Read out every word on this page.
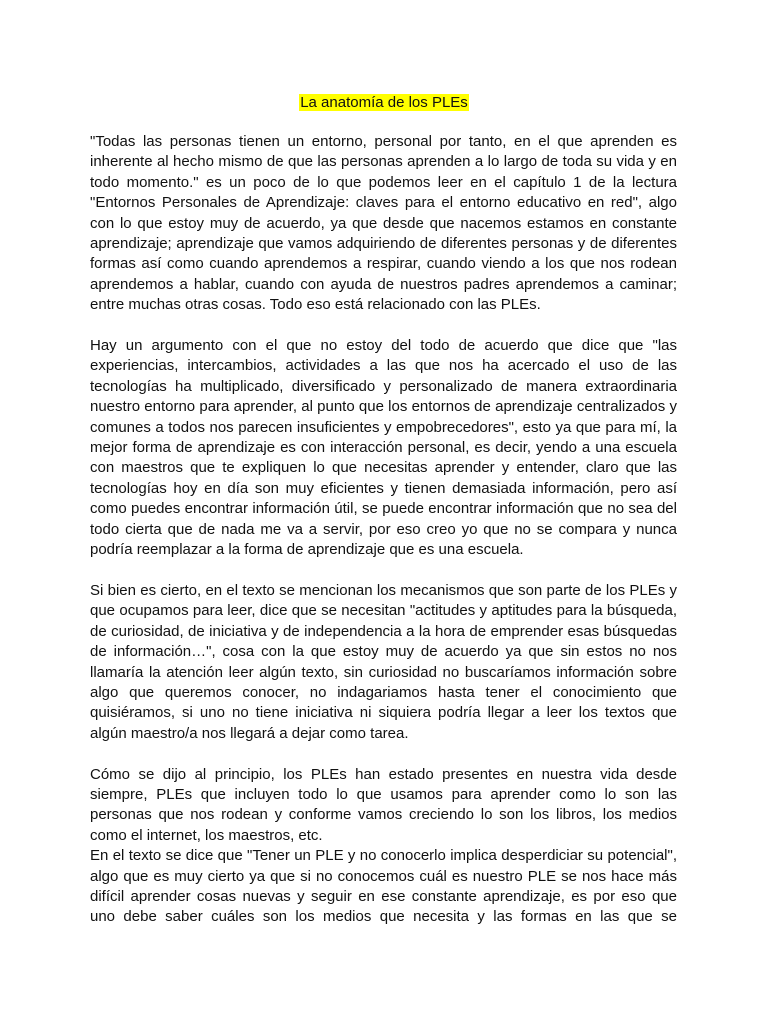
La anatomía de los PLEs

"Todas las personas tienen un entorno, personal por tanto, en el que aprenden es inherente al hecho mismo de que las personas aprenden a lo largo de toda su vida y en todo momento." es un poco de lo que podemos leer en el capítulo 1 de la lectura "Entornos Personales de Aprendizaje: claves para el entorno educativo en red", algo con lo que estoy muy de acuerdo, ya que desde que nacemos estamos en constante aprendizaje; aprendizaje que vamos adquiriendo de diferentes personas y de diferentes formas así como cuando aprendemos a respirar, cuando viendo a los que nos rodean aprendemos a hablar, cuando con ayuda de nuestros padres aprendemos a caminar; entre muchas otras cosas. Todo eso está relacionado con las PLEs.

Hay un argumento con el que no estoy del todo de acuerdo que dice que "las experiencias, intercambios, actividades a las que nos ha acercado el uso de las tecnologías ha multiplicado, diversificado y personalizado de manera extraordinaria nuestro entorno para aprender, al punto que los entornos de aprendizaje centralizados y comunes a todos nos parecen insuficientes y empobrecedores", esto ya que para mí, la mejor forma de aprendizaje es con interacción personal, es decir, yendo a una escuela con maestros que te expliquen lo que necesitas aprender y entender, claro que las tecnologías hoy en día son muy eficientes y tienen demasiada información, pero así como puedes encontrar información útil, se puede encontrar información que no sea del todo cierta que de nada me va a servir, por eso creo yo que no se compara y nunca podría reemplazar a la forma de aprendizaje que es una escuela.

Si bien es cierto, en el texto se mencionan los mecanismos que son parte de los PLEs y que ocupamos para leer, dice que se necesitan "actitudes y aptitudes para la búsqueda, de curiosidad, de iniciativa y de independencia a la hora de emprender esas búsquedas de información…", cosa con la que estoy muy de acuerdo ya que sin estos no nos llamaría la atención leer algún texto, sin curiosidad no buscaríamos información sobre algo que queremos conocer, no indagariamos hasta tener el conocimiento que quisiéramos, si uno no tiene iniciativa ni siquiera podría llegar a leer los textos que algún maestro/a nos llegará a dejar como tarea.

Cómo se dijo al principio, los PLEs han estado presentes en nuestra vida desde siempre, PLEs que incluyen todo lo que usamos para aprender como lo son las personas que nos rodean y conforme vamos creciendo lo son los libros, los medios como el internet, los maestros, etc.

En el texto se dice que "Tener un PLE y no conocerlo implica desperdiciar su potencial", algo que es muy cierto ya que si no conocemos cuál es nuestro PLE se nos hace más difícil aprender cosas nuevas y seguir en ese constante aprendizaje, es por eso que uno debe saber cuáles son los medios que necesita y las formas en las que se
